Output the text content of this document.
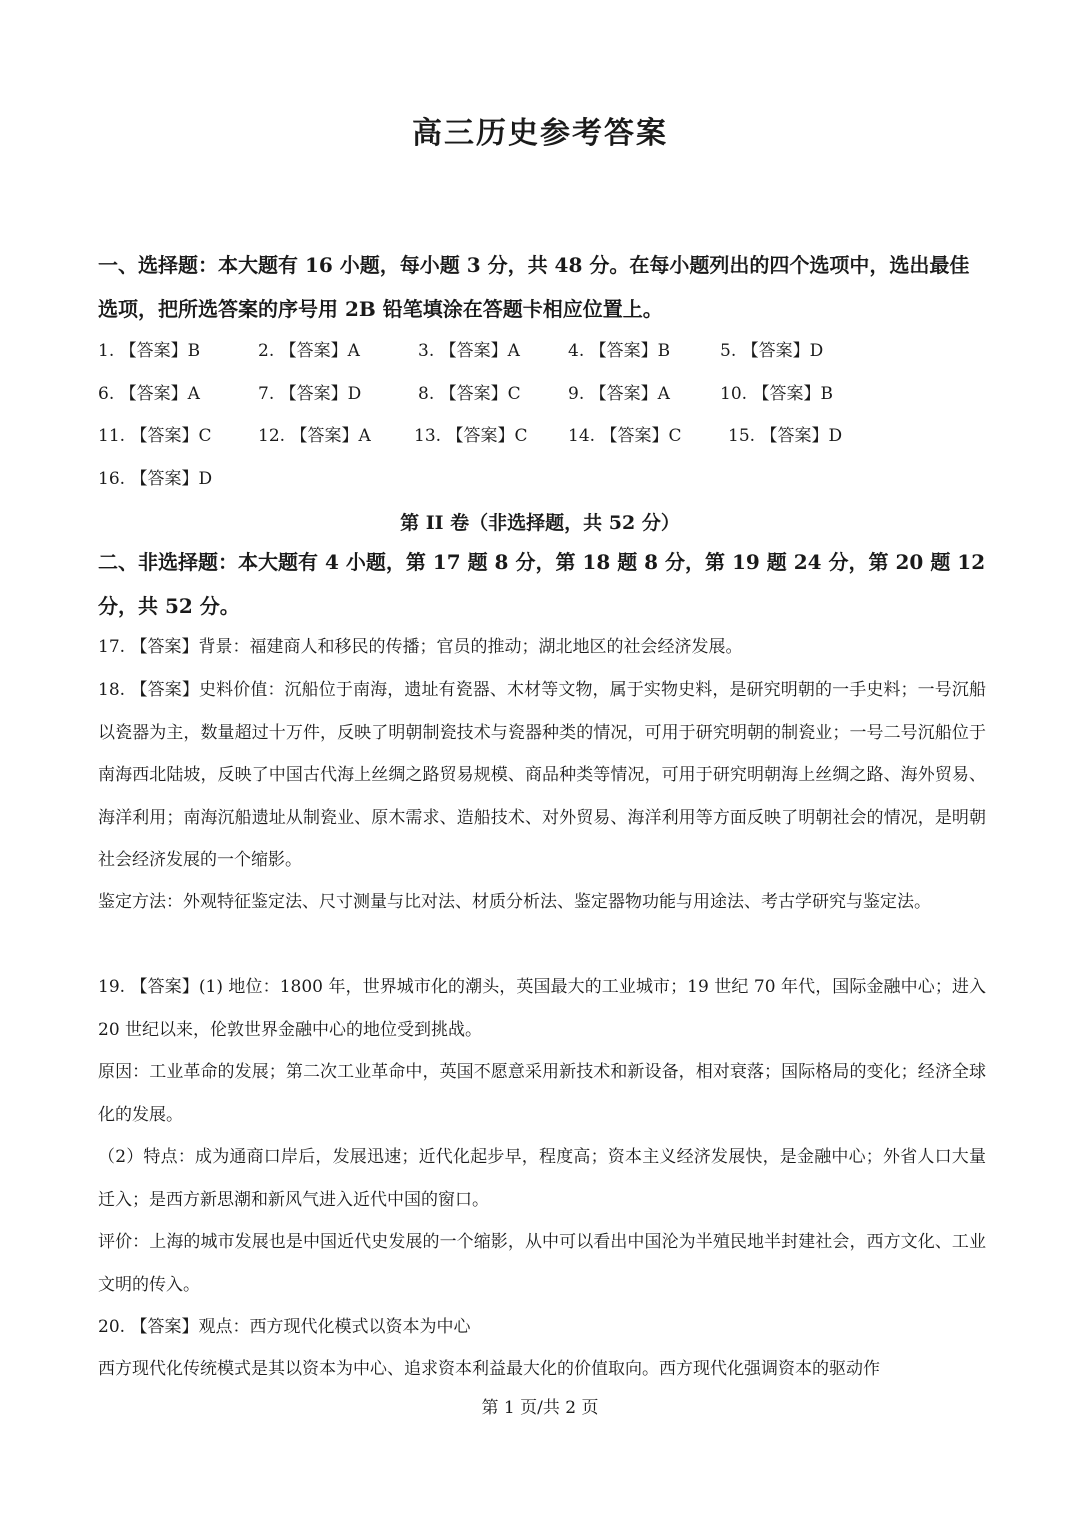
高三历史参考答案
一、选择题：本大题有 16 小题，每小题 3 分，共 48 分。在每小题列出的四个选项中，选出最佳选项，把所选答案的序号用 2B 铅笔填涂在答题卡相应位置上。
1. 【答案】B	2. 【答案】A	3. 【答案】A	4. 【答案】B	5. 【答案】D
6. 【答案】A	7. 【答案】D	8. 【答案】C	9. 【答案】A	10. 【答案】B
11. 【答案】C	12. 【答案】A	13. 【答案】C 14. 【答案】C	15. 【答案】D
16. 【答案】D
第 II 卷（非选择题，共 52 分）
二、非选择题：本大题有 4 小题，第 17 题 8 分，第 18 题 8 分，第 19 题 24 分，第 20 题 12 分，共 52 分。
17. 【答案】背景：福建商人和移民的传播；官员的推动；湖北地区的社会经济发展。
18. 【答案】史料价值：沉船位于南海，遗址有瓷器、木材等文物，属于实物史料，是研究明朝的一手史料；一号沉船以瓷器为主，数量超过十万件，反映了明朝制瓷技术与瓷器种类的情况，可用于研究明朝的制瓷业；一号二号沉船位于南海西北陆坡，反映了中国古代海上丝绸之路贸易规模、商品种类等情况，可用于研究明朝海上丝绸之路、海外贸易、海洋利用；南海沉船遗址从制瓷业、原木需求、造船技术、对外贸易、海洋利用等方面反映了明朝社会的情况，是明朝社会经济发展的一个缩影。
鉴定方法：外观特征鉴定法、尺寸测量与比对法、材质分析法、鉴定器物功能与用途法、考古学研究与鉴定法。
19. 【答案】(1) 地位：1800 年，世界城市化的潮头，英国最大的工业城市；19 世纪 70 年代，国际金融中心；进入 20 世纪以来，伦敦世界金融中心的地位受到挑战。
原因：工业革命的发展；第二次工业革命中，英国不愿意采用新技术和新设备，相对衰落；国际格局的变化；经济全球化的发展。
（2）特点：成为通商口岸后，发展迅速；近代化起步早，程度高；资本主义经济发展快，是金融中心；外省人口大量迁入；是西方新思潮和新风气进入近代中国的窗口。
评价：上海的城市发展也是中国近代史发展的一个缩影，从中可以看出中国沦为半殖民地半封建社会，西方文化、工业文明的传入。
20. 【答案】观点：西方现代化模式以资本为中心
西方现代化传统模式是其以资本为中心、追求资本利益最大化的价值取向。西方现代化强调资本的驱动作
第 1 页/共 2 页
